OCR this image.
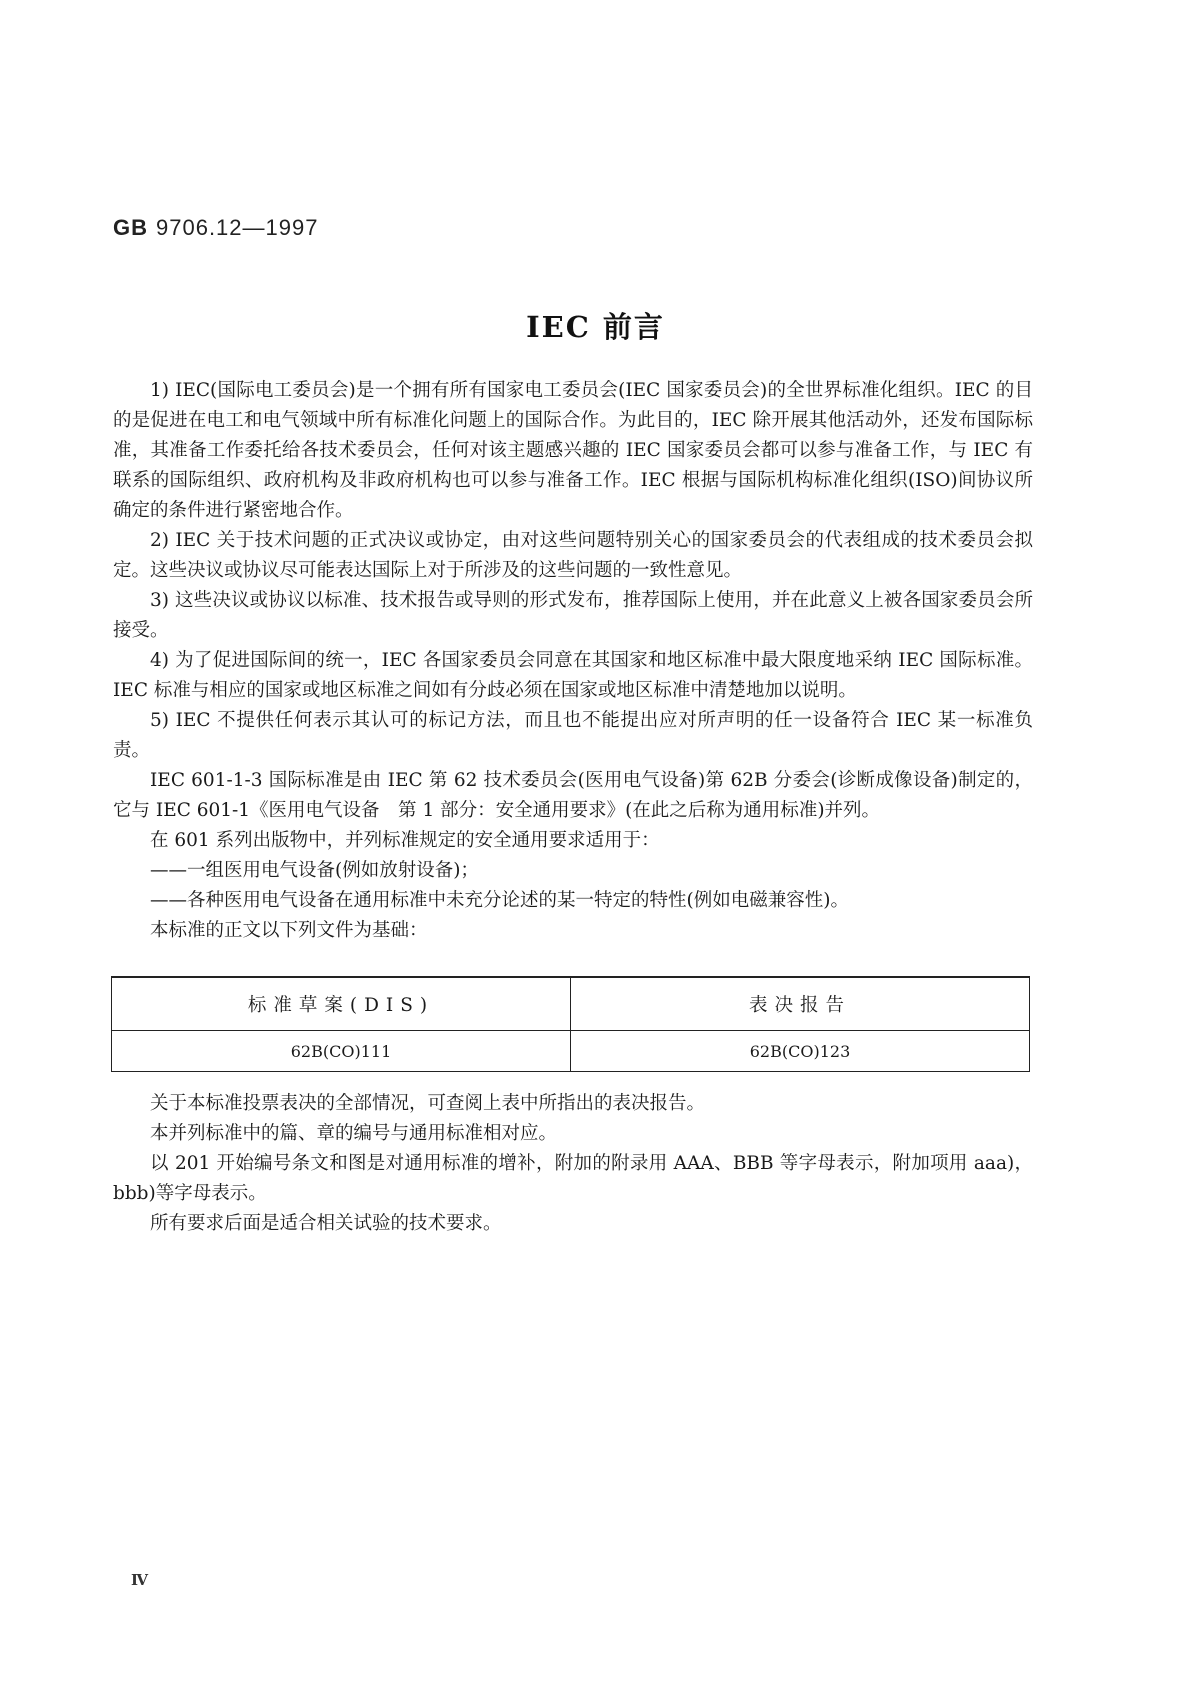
GB 9706.12—1997
IEC 前言

1) IEC(国际电工委员会)是一个拥有所有国家电工委员会(IEC 国家委员会)的全世界标准化组织。IEC 的目的是促进在电工和电气领域中所有标准化问题上的国际合作。为此目的，IEC 除开展其他活动外，还发布国际标准，其准备工作委托给各技术委员会，任何对该主题感兴趣的 IEC 国家委员会都可以参与准备工作，与 IEC 有联系的国际组织、政府机构及非政府机构也可以参与准备工作。IEC 根据与国际机构标准化组织(ISO)间协议所确定的条件进行紧密地合作。

2) IEC 关于技术问题的正式决议或协定，由对这些问题特别关心的国家委员会的代表组成的技术委员会拟定。这些决议或协议尽可能表达国际上对于所涉及的这些问题的一致性意见。

3) 这些决议或协议以标准、技术报告或导则的形式发布，推荐国际上使用，并在此意义上被各国家委员会所接受。

4) 为了促进国际间的统一，IEC 各国家委员会同意在其国家和地区标准中最大限度地采纳 IEC 国际标准。IEC 标准与相应的国家或地区标准之间如有分歧必须在国家或地区标准中清楚地加以说明。

5) IEC 不提供任何表示其认可的标记方法，而且也不能提出应对所声明的任一设备符合 IEC 某一标准负责。

IEC 601-1-3 国际标准是由 IEC 第 62 技术委员会(医用电气设备)第 62B 分委会(诊断成像设备)制定的，它与 IEC 601-1《医用电气设备　第 1 部分：安全通用要求》(在此之后称为通用标准)并列。

在 601 系列出版物中，并列标准规定的安全通用要求适用于：

——一组医用电气设备(例如放射设备)；

——各种医用电气设备在通用标准中未充分论述的某一特定的特性(例如电磁兼容性)。

本标准的正文以下列文件为基础：

标准草案(DIS)	表决报告
62B(CO)111	62B(CO)123

关于本标准投票表决的全部情况，可查阅上表中所指出的表决报告。

本并列标准中的篇、章的编号与通用标准相对应。

以 201 开始编号条文和图是对通用标准的增补，附加的附录用 AAA、BBB 等字母表示，附加项用 aaa)，bbb)等字母表示。

所有要求后面是适合相关试验的技术要求。

Ⅳ
